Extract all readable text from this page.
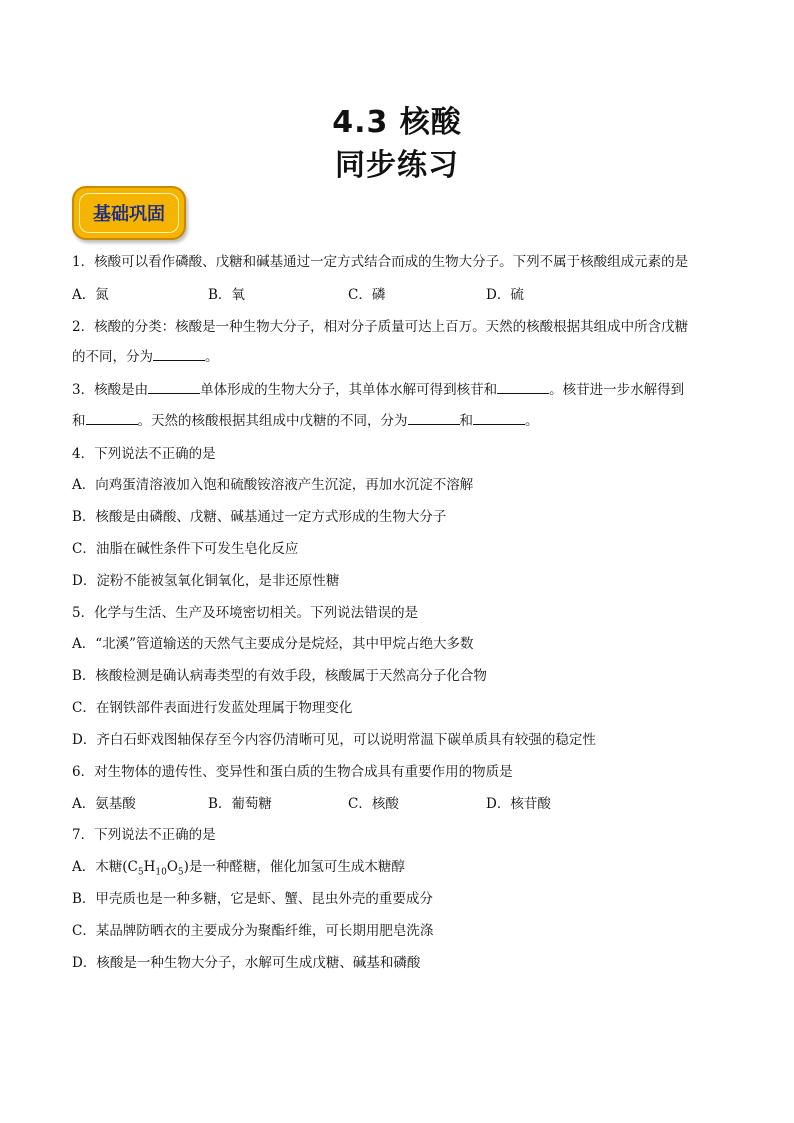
4.3 核酸
同步练习
基础巩固
1．核酸可以看作磷酸、戊糖和碱基通过一定方式结合而成的生物大分子。下列不属于核酸组成元素的是
A．氮	B．氧	C．磷	D．硫
2．核酸的分类：核酸是一种生物大分子，相对分子质量可达上百万。天然的核酸根据其组成中所含戊糖
的不同，分为	。
3．核酸是由	单体形成的生物大分子，其单体水解可得到核苷和	。核苷进一步水解得到
和	。天然的核酸根据其组成中戊糖的不同，分为	和	。
4．下列说法不正确的是
A．向鸡蛋清溶液加入饱和硫酸铵溶液产生沉淀，再加水沉淀不溶解
B．核酸是由磷酸、戊糖、碱基通过一定方式形成的生物大分子
C．油脂在碱性条件下可发生皂化反应
D．淀粉不能被氢氧化铜氧化，是非还原性糖
5．化学与生活、生产及环境密切相关。下列说法错误的是
A．“北溪”管道输送的天然气主要成分是烷烃，其中甲烷占绝大多数
B．核酸检测是确认病毒类型的有效手段，核酸属于天然高分子化合物
C．在钢铁部件表面进行发蓝处理属于物理变化
D．齐白石虾戏图轴保存至今内容仍清晰可见，可以说明常温下碳单质具有较强的稳定性
6．对生物体的遗传性、变异性和蛋白质的生物合成具有重要作用的物质是
A．氨基酸	B．葡萄糖	C．核酸	D．核苷酸
7．下列说法不正确的是
A．木糖$(C_5H_{10}O_5)$是一种醛糖，催化加氢可生成木糖醇
B．甲壳质也是一种多糖，它是虾、蟹、昆虫外壳的重要成分
C．某品牌防晒衣的主要成分为聚酯纤维，可长期用肥皂洗涤
D．核酸是一种生物大分子，水解可生成戊糖、碱基和磷酸
